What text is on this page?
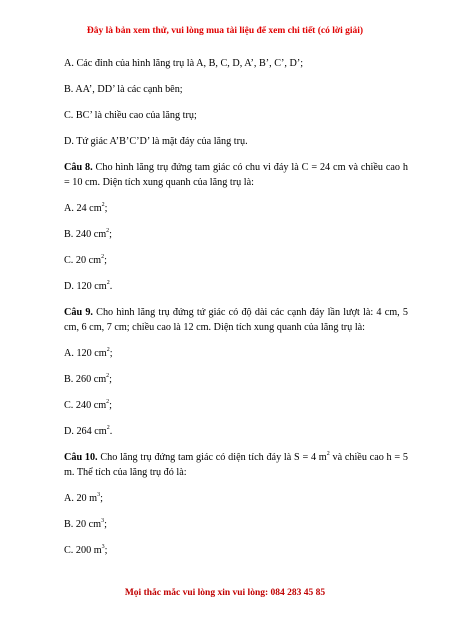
Đây là bản xem thử, vui lòng mua tài liệu để xem chi tiết (có lời giải)
A. Các đỉnh của hình lăng trụ là A, B, C, D, A’, B’, C’, D’;
B. AA’, DD’ là các cạnh bên;
C. BC’ là chiều cao của lăng trụ;
D. Tứ giác A’B’C’D’ là mặt đáy của lăng trụ.

Câu 8. Cho hình lăng trụ đứng tam giác có chu vi đáy là C = 24 cm và chiều cao h = 10 cm. Diện tích xung quanh của lăng trụ là:

A. 24 $cm^2$;
B. 240 $cm^2$;
C. 20 $cm^2$;
D. 120 $cm^2$.

Câu 9. Cho hình lăng trụ đứng tứ giác có độ dài các cạnh đáy lần lượt là: 4 cm, 5 cm, 6 cm, 7 cm; chiều cao là 12 cm. Diện tích xung quanh của lăng trụ là:

A. 120 $cm^2$;
B. 260 $cm^2$;
C. 240 $cm^2$;
D. 264 $cm^2$.

Câu 10. Cho lăng trụ đứng tam giác có diện tích đáy là S = 4 $m^2$ và chiều cao h = 5 m. Thể tích của lăng trụ đó là:

A. 20 $m^3$;
B. 20 $cm^3$;
C. 200 $m^3$;
Mọi thắc mắc vui lòng xin vui lòng: 084 283 45 85
